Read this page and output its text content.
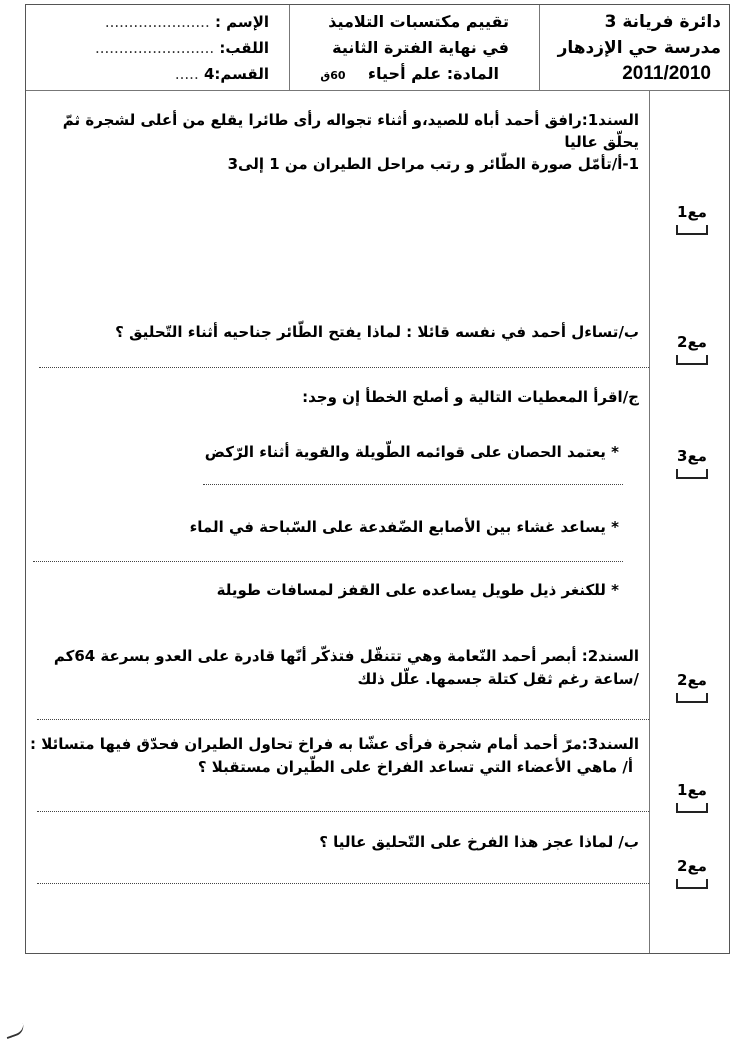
دائرة فريانة 3
مدرسة حي الإزدهار
2011/2010
تقييم مكتسبات التلاميذ
في نهاية الفترة الثانية
المادة: علم أحياء    60ق
الإسم : ......................
اللقب: .........................
القسم:4 .....
السند1:رافق أحمد أباه للصيد،و أثناء تجواله رأى طائرا يقلع من أعلى لشجرة ثمّ
يحلّق عاليا
1-أ/تأمّل صورة الطّائر و رتب مراحل الطيران من 1 إلى3
ب/تساءل أحمد في نفسه قائلا : لماذا يفتح الطّائر جناحيه أثناء التّحليق ؟
ج/اقرأ المعطيات التالية و أصلح الخطأ إن وجد:
* يعتمد الحصان على قوائمه الطّويلة والقوية أثناء الرّكض
* يساعد غشاء بين الأصابع الضّفدعة على السّباحة في الماء
* للكنغر ذيل طويل يساعده على القفز لمسافات طويلة
السند2: أبصر أحمد النّعامة وهي تتنقّل فتذكّر أنّها قادرة على العدو بسرعة 64كم
/ساعة رغم ثقل كتلة جسمها. علّل ذلك
السند3:مرّ أحمد أمام شجرة فرأى عشّا به فراخ تحاول الطيران فحدّق فيها متسائلا :
أ/ ماهي الأعضاء التي تساعد الفراخ على الطّيران مستقبلا ؟
ب/ لماذا عجز هذا الفرخ على التّحليق عاليا ؟
مع1
مع2
مع3
مع2
مع1
مع2
